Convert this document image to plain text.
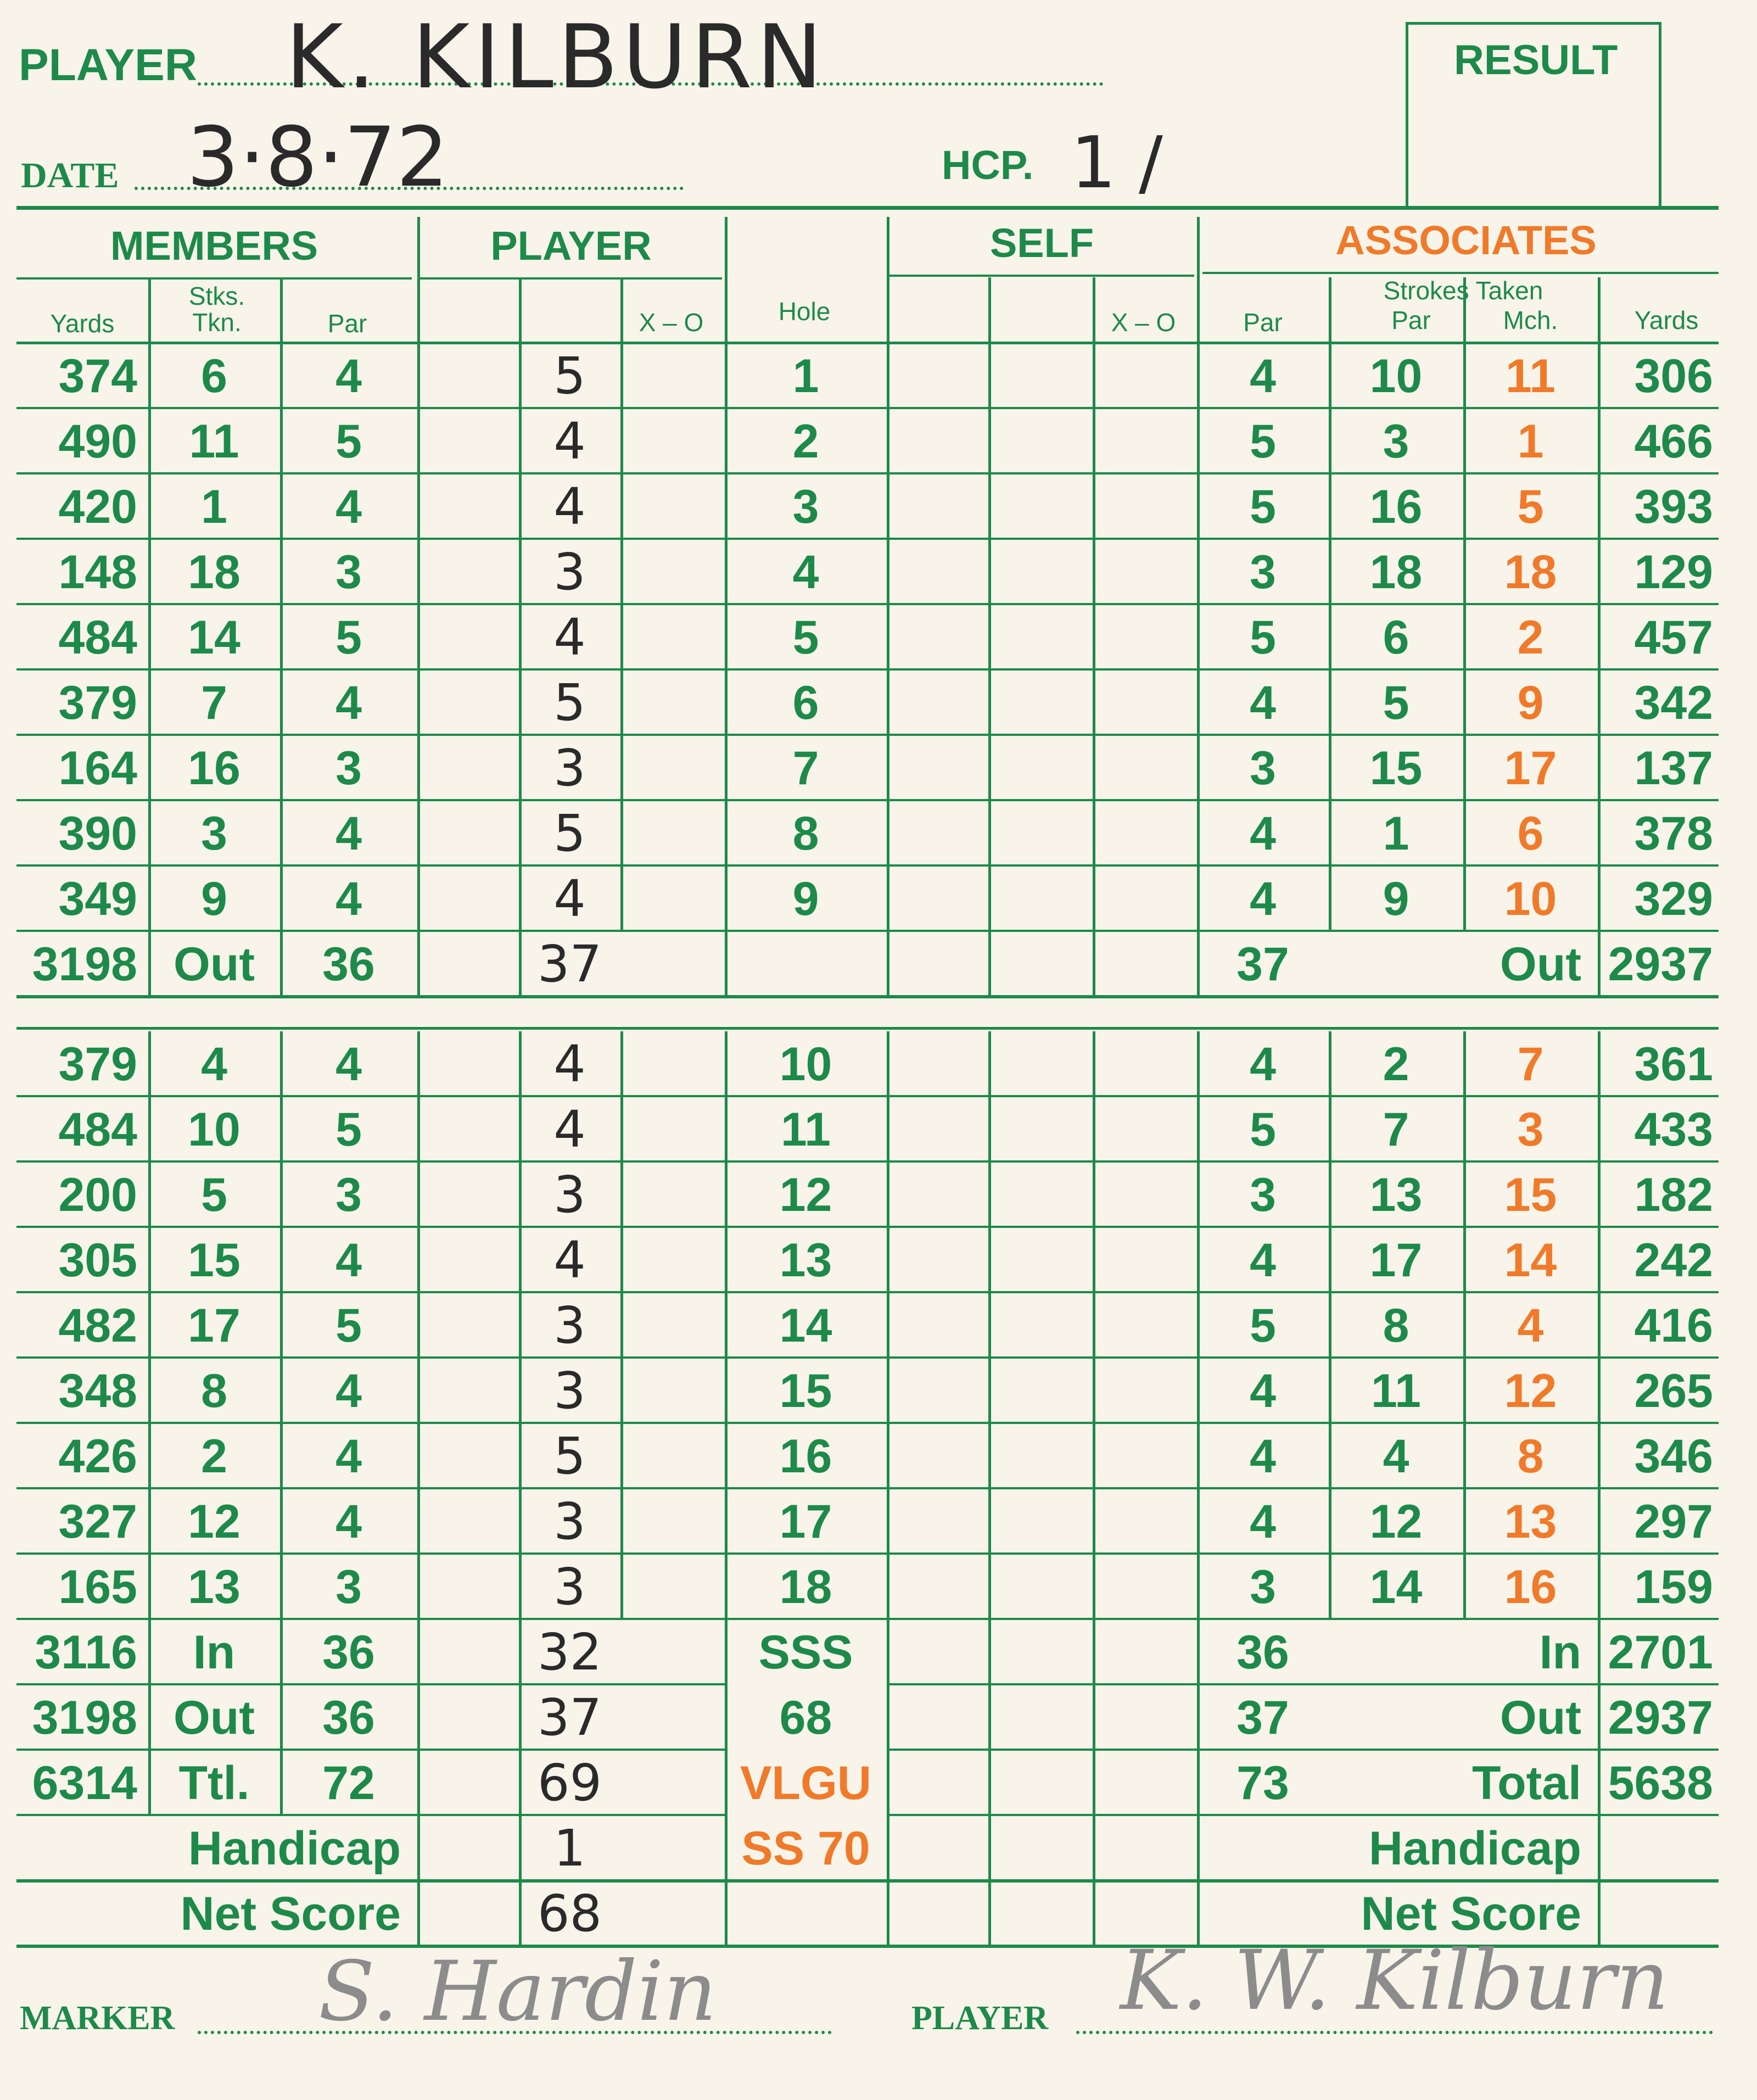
PLAYER K. KILBURN
DATE 3·8·72	HCP. 1 /
RESULT
MEMBERS	PLAYER	SELF	ASSOCIATES
Yards
Stks.
Tkn.	Par	X – O	Hole	X – O	Par
Strokes Taken
Par	Mch.	Yards
374	6	4	5	1	4	10	11	306
490	11	5	4	2	5	3	1	466
420	1	4	4	3	5	16	5	393
148	18	3	3	4	3	18	18	129
484	14	5	4	5	5	6	2	457
379	7	4	5	6	4	5	9	342
164	16	3	3	7	3	15	17	137
390	3	4	5	8	4	1	6	378
349	9	4	4	9	4	9	10	329
3198 Out	36	37	37	Out 2937
379	4	4	4	10	4	2	7	361
484	10	5	4	11	5	7	3	433
200	5	3	3	12	3	13	15	182
305	15	4	4	13	4	17	14	242
482	17	5	3	14	5	8	4	416
348	8	4	3	15	4	11	12	265
426	2	4	5	16	4	4	8	346
327	12	4	3	17	4	12	13	297
165	13	3	3	18	3	14	16	159
3116	In	36	32	SSS	36	In 2701
3198 Out	36	37	68	37	Out 2937
6314 Ttl.	72	69	VLGU	73	Total 5638
Handicap	1	SS 70	Handicap
Net Score	68	Net Score
MARKER S. Hardin	PLAYER K. W. Kilburn
